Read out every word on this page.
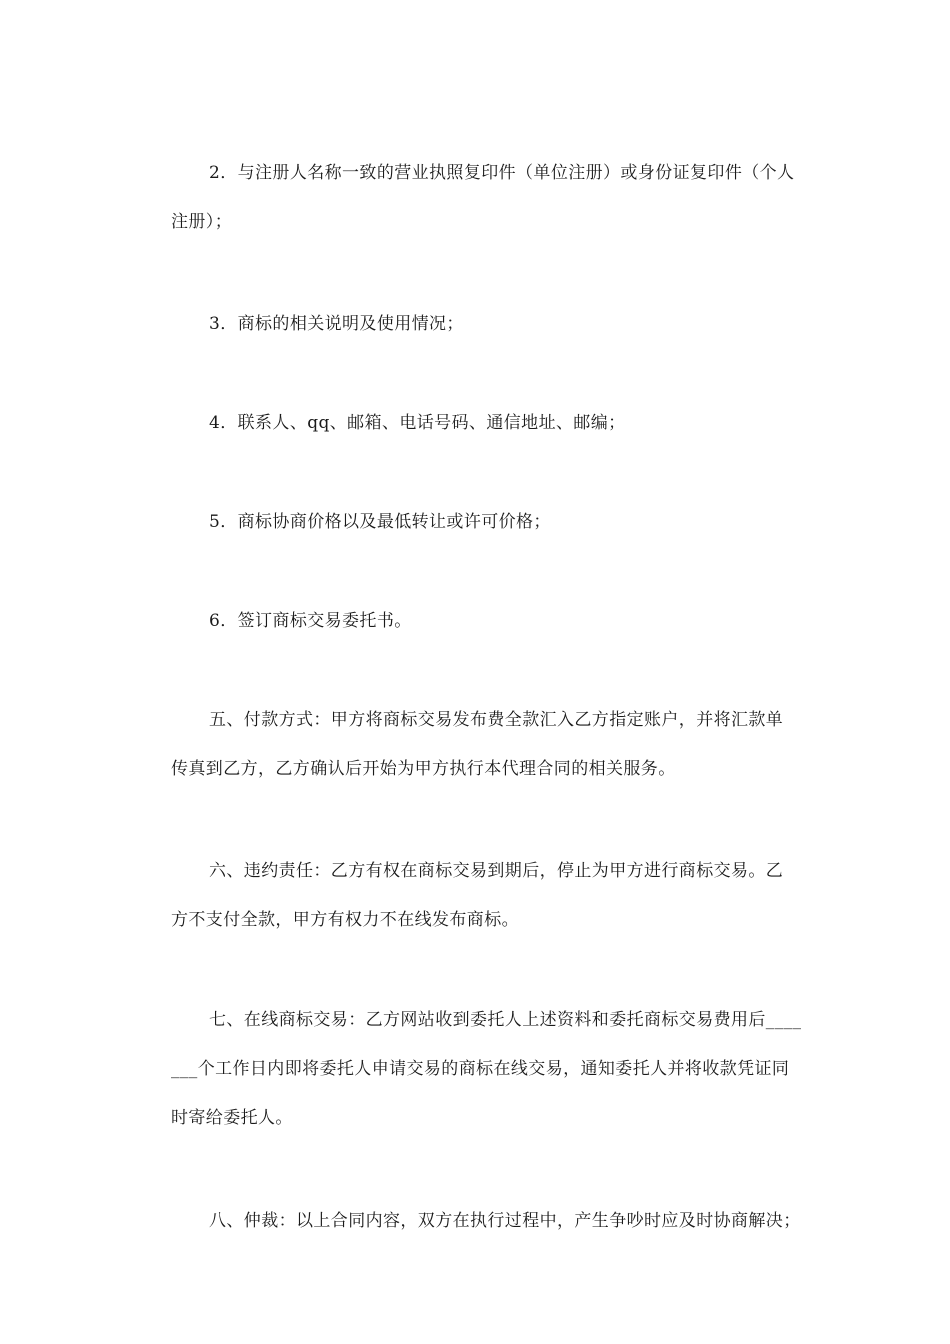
2．与注册人名称一致的营业执照复印件（单位注册）或身份证复印件（个人
注册）；
3．商标的相关说明及使用情况；
4．联系人、qq、邮箱、电话号码、通信地址、邮编；
5．商标协商价格以及最低转让或许可价格；
6．签订商标交易委托书。
五、付款方式：甲方将商标交易发布费全款汇入乙方指定账户，并将汇款单
传真到乙方，乙方确认后开始为甲方执行本代理合同的相关服务。
六、违约责任：乙方有权在商标交易到期后，停止为甲方进行商标交易。乙
方不支付全款，甲方有权力不在线发布商标。
七、在线商标交易：乙方网站收到委托人上述资料和委托商标交易费用后____
___个工作日内即将委托人申请交易的商标在线交易，通知委托人并将收款凭证同
时寄给委托人。
八、仲裁：以上合同内容，双方在执行过程中，产生争吵时应及时协商解决；
